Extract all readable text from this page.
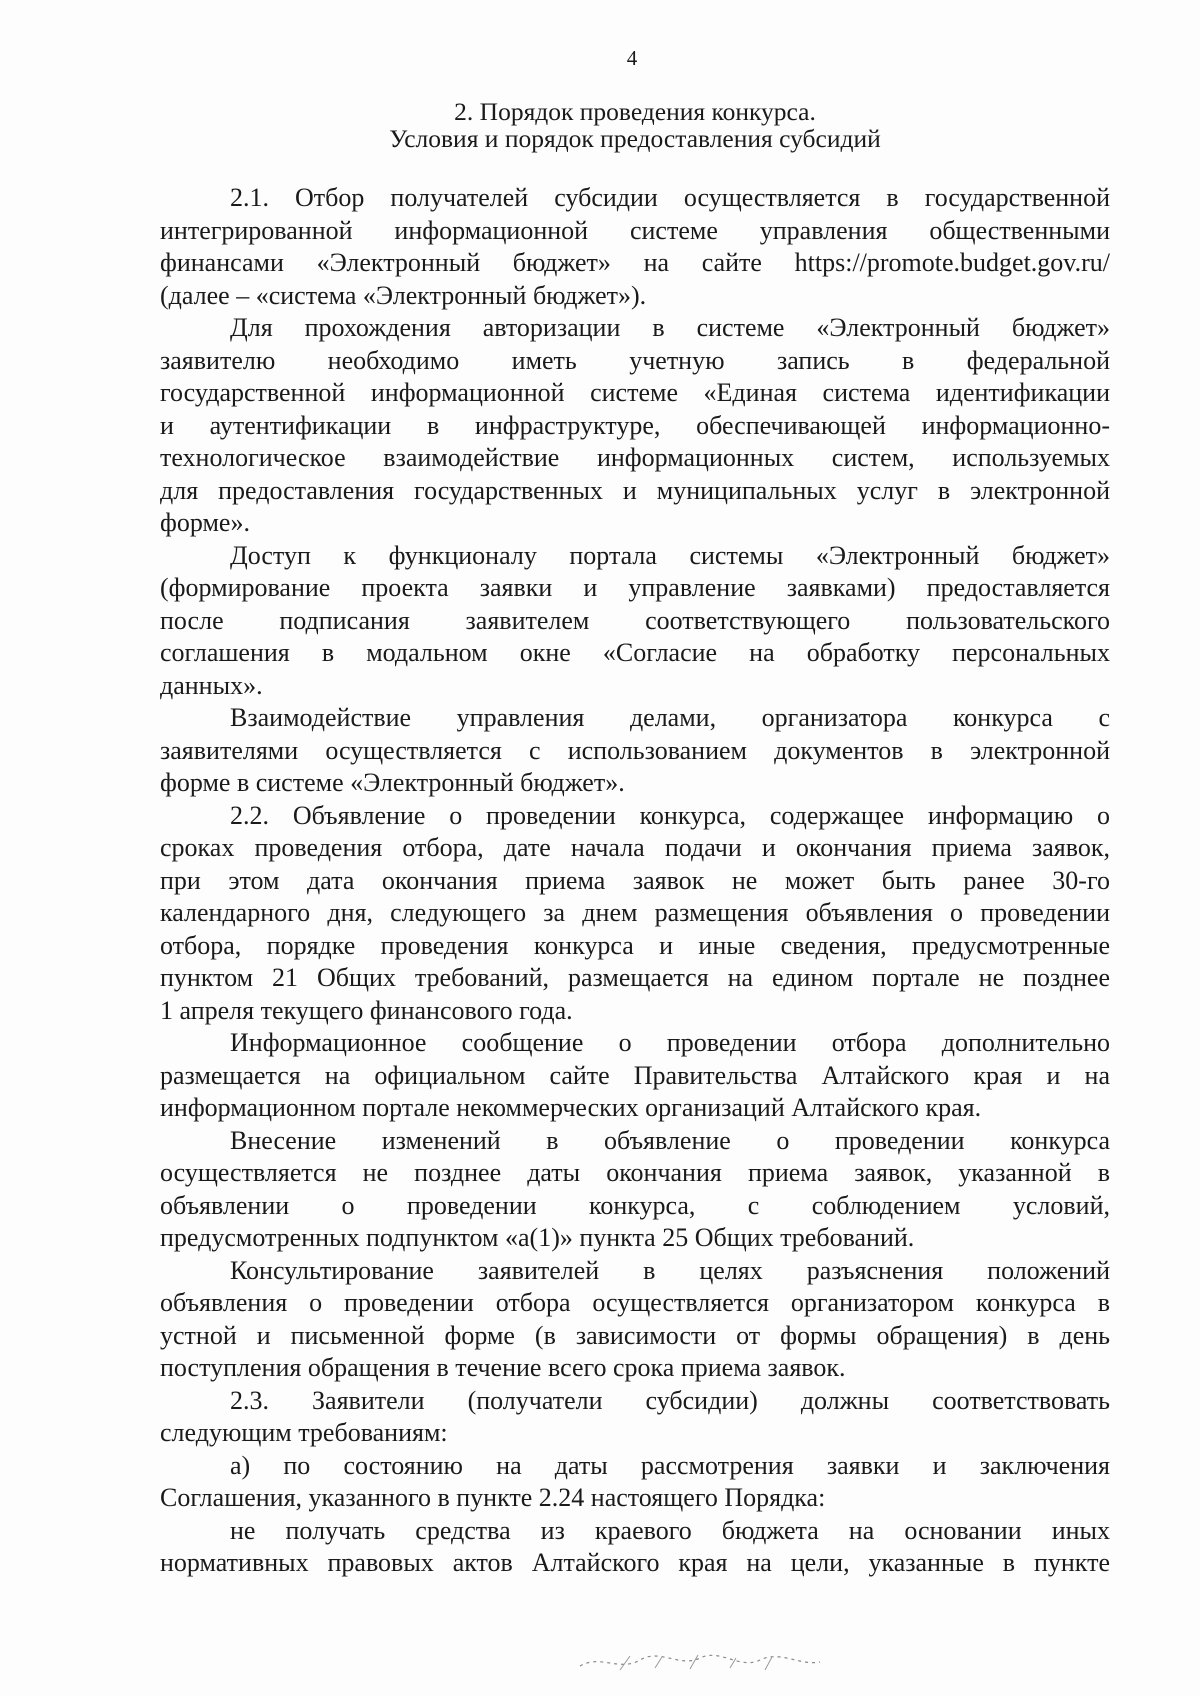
4
2. Порядок проведения конкурса.
Условия и порядок предоставления субсидий
2.1. Отбор получателей субсидии осуществляется в государственной
интегрированной информационной системе управления общественными
финансами «Электронный бюджет» на сайте https://promote.budget.gov.ru/
(далее – «система «Электронный бюджет»).
Для прохождения авторизации в системе «Электронный бюджет»
заявителю необходимо иметь учетную запись в федеральной
государственной информационной системе «Единая система идентификации
и аутентификации в инфраструктуре, обеспечивающей информационно-
технологическое взаимодействие информационных систем, используемых
для предоставления государственных и муниципальных услуг в электронной
форме».
Доступ к функционалу портала системы «Электронный бюджет»
(формирование проекта заявки и управление заявками) предоставляется
после подписания заявителем соответствующего пользовательского
соглашения в модальном окне «Согласие на обработку персональных
данных».
Взаимодействие управления делами, организатора конкурса с
заявителями осуществляется с использованием документов в электронной
форме в системе «Электронный бюджет».
2.2. Объявление о проведении конкурса, содержащее информацию о
сроках проведения отбора, дате начала подачи и окончания приема заявок,
при этом дата окончания приема заявок не может быть ранее 30-го
календарного дня, следующего за днем размещения объявления о проведении
отбора, порядке проведения конкурса и иные сведения, предусмотренные
пунктом 21 Общих требований, размещается на едином портале не позднее
1 апреля текущего финансового года.
Информационное сообщение о проведении отбора дополнительно
размещается на официальном сайте Правительства Алтайского края и на
информационном портале некоммерческих организаций Алтайского края.
Внесение изменений в объявление о проведении конкурса
осуществляется не позднее даты окончания приема заявок, указанной в
объявлении о проведении конкурса, с соблюдением условий,
предусмотренных подпунктом «а(1)» пункта 25 Общих требований.
Консультирование заявителей в целях разъяснения положений
объявления о проведении отбора осуществляется организатором конкурса в
устной и письменной форме (в зависимости от формы обращения) в день
поступления обращения в течение всего срока приема заявок.
2.3. Заявители (получатели субсидии) должны соответствовать
следующим требованиям:
а) по состоянию на даты рассмотрения заявки и заключения
Соглашения, указанного в пункте 2.24 настоящего Порядка:
не получать средства из краевого бюджета на основании иных
нормативных правовых актов Алтайского края на цели, указанные в пункте
